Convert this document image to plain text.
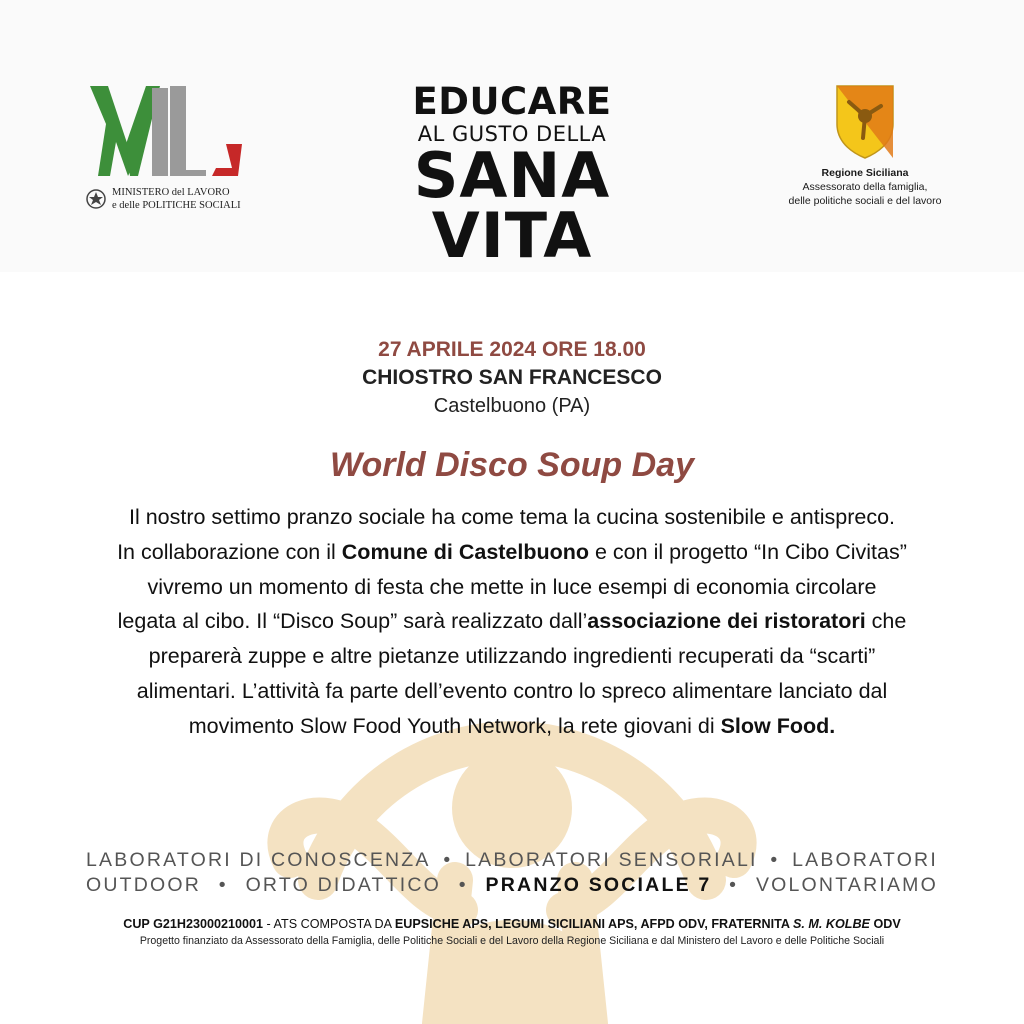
MINISTERO del LAVORO
e delle POLITICHE SOCIALI
EDUCARE
AL GUSTO DELLA
SANA
VITA
Regione Siciliana
Assessorato della famiglia,
delle politiche sociali e del lavoro
27 APRILE 2024 ORE 18.00
CHIOSTRO SAN FRANCESCO
Castelbuono (PA)
World Disco Soup Day
Il nostro settimo pranzo sociale ha come tema la cucina sostenibile e antispreco.
In collaborazione con il Comune di Castelbuono e con il progetto “In Cibo Civitas”
vivremo un momento di festa che mette in luce esempi di economia circolare
legata al cibo. Il “Disco Soup” sarà realizzato dall’associazione dei ristoratori che
preparerà zuppe e altre pietanze utilizzando ingredienti recuperati da “scarti”
alimentari. L’attività fa parte dell’evento contro lo spreco alimentare lanciato dal
movimento Slow Food Youth Network, la rete giovani di Slow Food.
LABORATORI DI CONOSCENZA • LABORATORI SENSORIALI • LABORATORI
OUTDOOR • ORTO DIDATTICO • PRANZO SOCIALE 7 • VOLONTARIAMO
CUP G21H23000210001 - ATS COMPOSTA DA EUPSICHE APS, LEGUMI SICILIANI APS, AFPD ODV, FRATERNITA S. M. KOLBE ODV
Progetto finanziato da Assessorato della Famiglia, delle Politiche Sociali e del Lavoro della Regione Siciliana e dal Ministero del Lavoro e delle Politiche Sociali
